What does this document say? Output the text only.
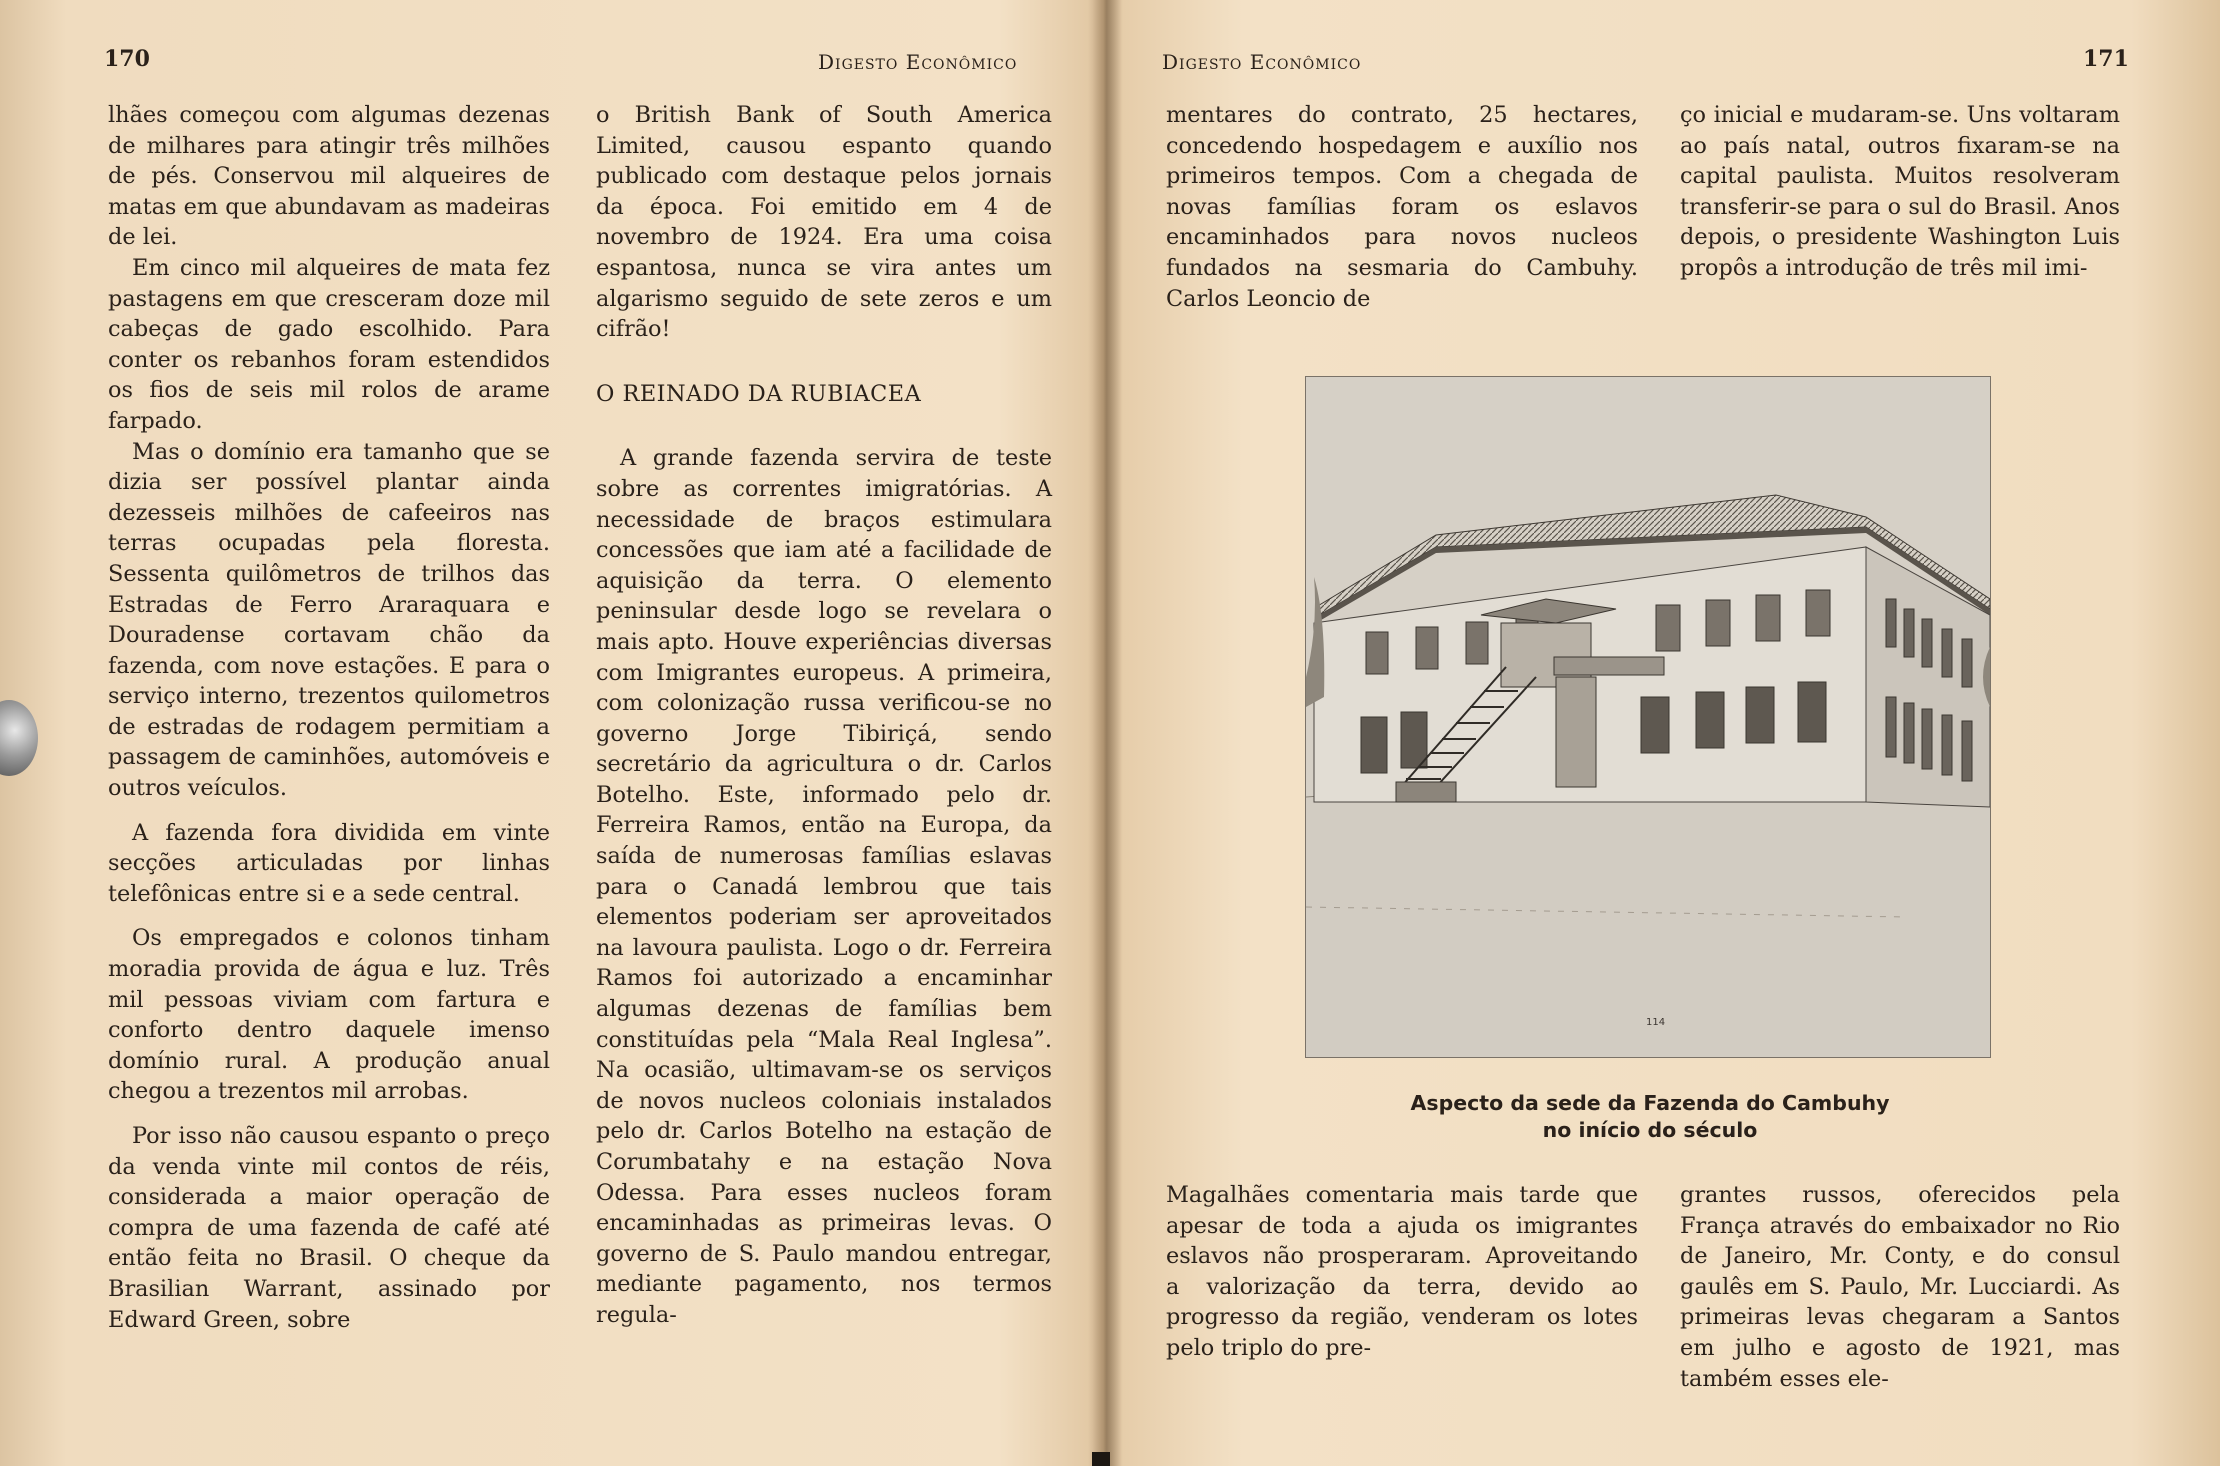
170	Digesto Econômico

lhães começou com algumas dezenas de milhares para atingir três milhões de pés. Conservou mil alqueires de matas em que abundavam as madeiras de lei.

Em cinco mil alqueires de mata fez pastagens em que cresceram doze mil cabeças de gado escolhido. Para conter os rebanhos foram estendidos os fios de seis mil rolos de arame farpado.

Mas o domínio era tamanho que se dizia ser possível plantar ainda dezesseis milhões de cafeeiros nas terras ocupadas pela floresta. Sessenta quilômetros de trilhos das Estradas de Ferro Araraquara e Douradense cortavam chão da fazenda, com nove estações. E para o serviço interno, trezentos quilometros de estradas de rodagem permitiam a passagem de caminhões, automóveis e outros veículos.

A fazenda fora dividida em vinte secções articuladas por linhas telefônicas entre si e a sede central.

Os empregados e colonos tinham moradia provida de água e luz. Três mil pessoas viviam com fartura e conforto dentro daquele imenso domínio rural. A produção anual chegou a trezentos mil arrobas.

Por isso não causou espanto o preço da venda vinte mil contos de réis, considerada a maior operação de compra de uma fazenda de café até então feita no Brasil. O cheque da Brasilian Warrant, assinado por Edward Green, sobre

o British Bank of South America Limited, causou espanto quando publicado com destaque pelos jornais da época. Foi emitido em 4 de novembro de 1924. Era uma coisa espantosa, nunca se vira antes um algarismo seguido de sete zeros e um cifrão!

O REINADO DA RUBIACEA

A grande fazenda servira de teste sobre as correntes imigratórias. A necessidade de braços estimulara concessões que iam até a facilidade de aquisição da terra. O elemento peninsular desde logo se revelara o mais apto. Houve experiências diversas com Imigrantes europeus. A primeira, com colonização russa verificou-se no governo Jorge Tibiriçá, sendo secretário da agricultura o dr. Carlos Botelho. Este, informado pelo dr. Ferreira Ramos, então na Europa, da saída de numerosas famílias eslavas para o Canadá lembrou que tais elementos poderiam ser aproveitados na lavoura paulista. Logo o dr. Ferreira Ramos foi autorizado a encaminhar algumas dezenas de famílias bem constituídas pela “Mala Real Inglesa”. Na ocasião, ultimavam-se os serviços de novos nucleos coloniais instalados pelo dr. Carlos Botelho na estação de Corumbatahy e na estação Nova Odessa. Para esses nucleos foram encaminhadas as primeiras levas. O governo de S. Paulo mandou entregar, mediante pagamento, nos termos regula-

171
Digesto Econômico

mentares do contrato, 25 hectares, concedendo hospedagem e auxílio nos primeiros tempos. Com a chegada de novas famílias foram os eslavos encaminhados para novos nucleos fundados na sesmaria do Cambuhy. Carlos Leoncio de

ço inicial e mudaram-se. Uns voltaram ao país natal, outros fixaram-se na capital paulista. Muitos resolveram transferir-se para o sul do Brasil. Anos depois, o presidente Washington Luis propôs a introdução de três mil imi-

114
Aspecto da sede da Fazenda do Cambuhy
no início do século

Magalhães comentaria mais tarde que apesar de toda a ajuda os imigrantes eslavos não prosperaram. Aproveitando a valorização da terra, devido ao progresso da região, venderam os lotes pelo triplo do pre-

grantes russos, oferecidos pela França através do embaixador no Rio de Janeiro, Mr. Conty, e do consul gaulês em S. Paulo, Mr. Lucciardi. As primeiras levas chegaram a Santos em julho e agosto de 1921, mas também esses ele-
